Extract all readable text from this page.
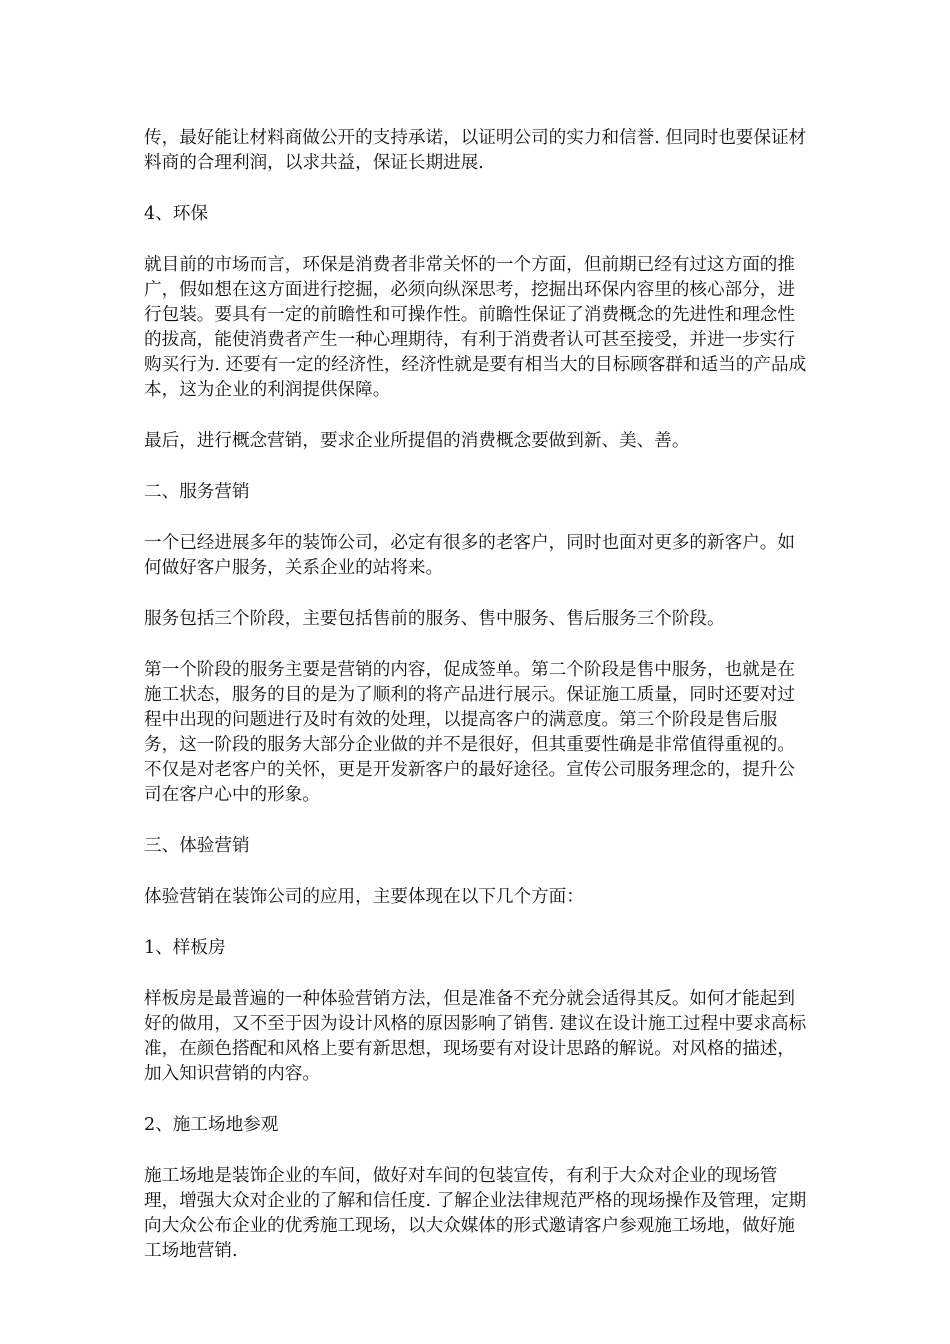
传，最好能让材料商做公开的支持承诺，以证明公司的实力和信誉. 但同时也要保证材料商的合理利润，以求共益，保证长期进展.

4、环保

就目前的市场而言，环保是消费者非常关怀的一个方面，但前期已经有过这方面的推广，假如想在这方面进行挖掘，必须向纵深思考，挖掘出环保内容里的核心部分，进行包装。要具有一定的前瞻性和可操作性。前瞻性保证了消费概念的先进性和理念性的拔高，能使消费者产生一种心理期待，有利于消费者认可甚至接受，并进一步实行购买行为. 还要有一定的经济性，经济性就是要有相当大的目标顾客群和适当的产品成本，这为企业的利润提供保障。

最后，进行概念营销，要求企业所提倡的消费概念要做到新、美、善。

二、服务营销

一个已经进展多年的装饰公司，必定有很多的老客户，同时也面对更多的新客户。如何做好客户服务，关系企业的站将来。

服务包括三个阶段，主要包括售前的服务、售中服务、售后服务三个阶段。

第一个阶段的服务主要是营销的内容，促成签单。第二个阶段是售中服务，也就是在施工状态，服务的目的是为了顺利的将产品进行展示。保证施工质量，同时还要对过程中出现的问题进行及时有效的处理，以提高客户的满意度。第三个阶段是售后服务，这一阶段的服务大部分企业做的并不是很好，但其重要性确是非常值得重视的。不仅是对老客户的关怀，更是开发新客户的最好途径。宣传公司服务理念的，提升公司在客户心中的形象。

三、体验营销

体验营销在装饰公司的应用，主要体现在以下几个方面：

1、样板房

样板房是最普遍的一种体验营销方法，但是准备不充分就会适得其反。如何才能起到好的做用，又不至于因为设计风格的原因影响了销售. 建议在设计施工过程中要求高标准，在颜色搭配和风格上要有新思想，现场要有对设计思路的解说。对风格的描述，加入知识营销的内容。

2、施工场地参观

施工场地是装饰企业的车间，做好对车间的包装宣传，有利于大众对企业的现场管理，增强大众对企业的了解和信任度. 了解企业法律规范严格的现场操作及管理，定期向大众公布企业的优秀施工现场，以大众媒体的形式邀请客户参观施工场地，做好施工场地营销.
